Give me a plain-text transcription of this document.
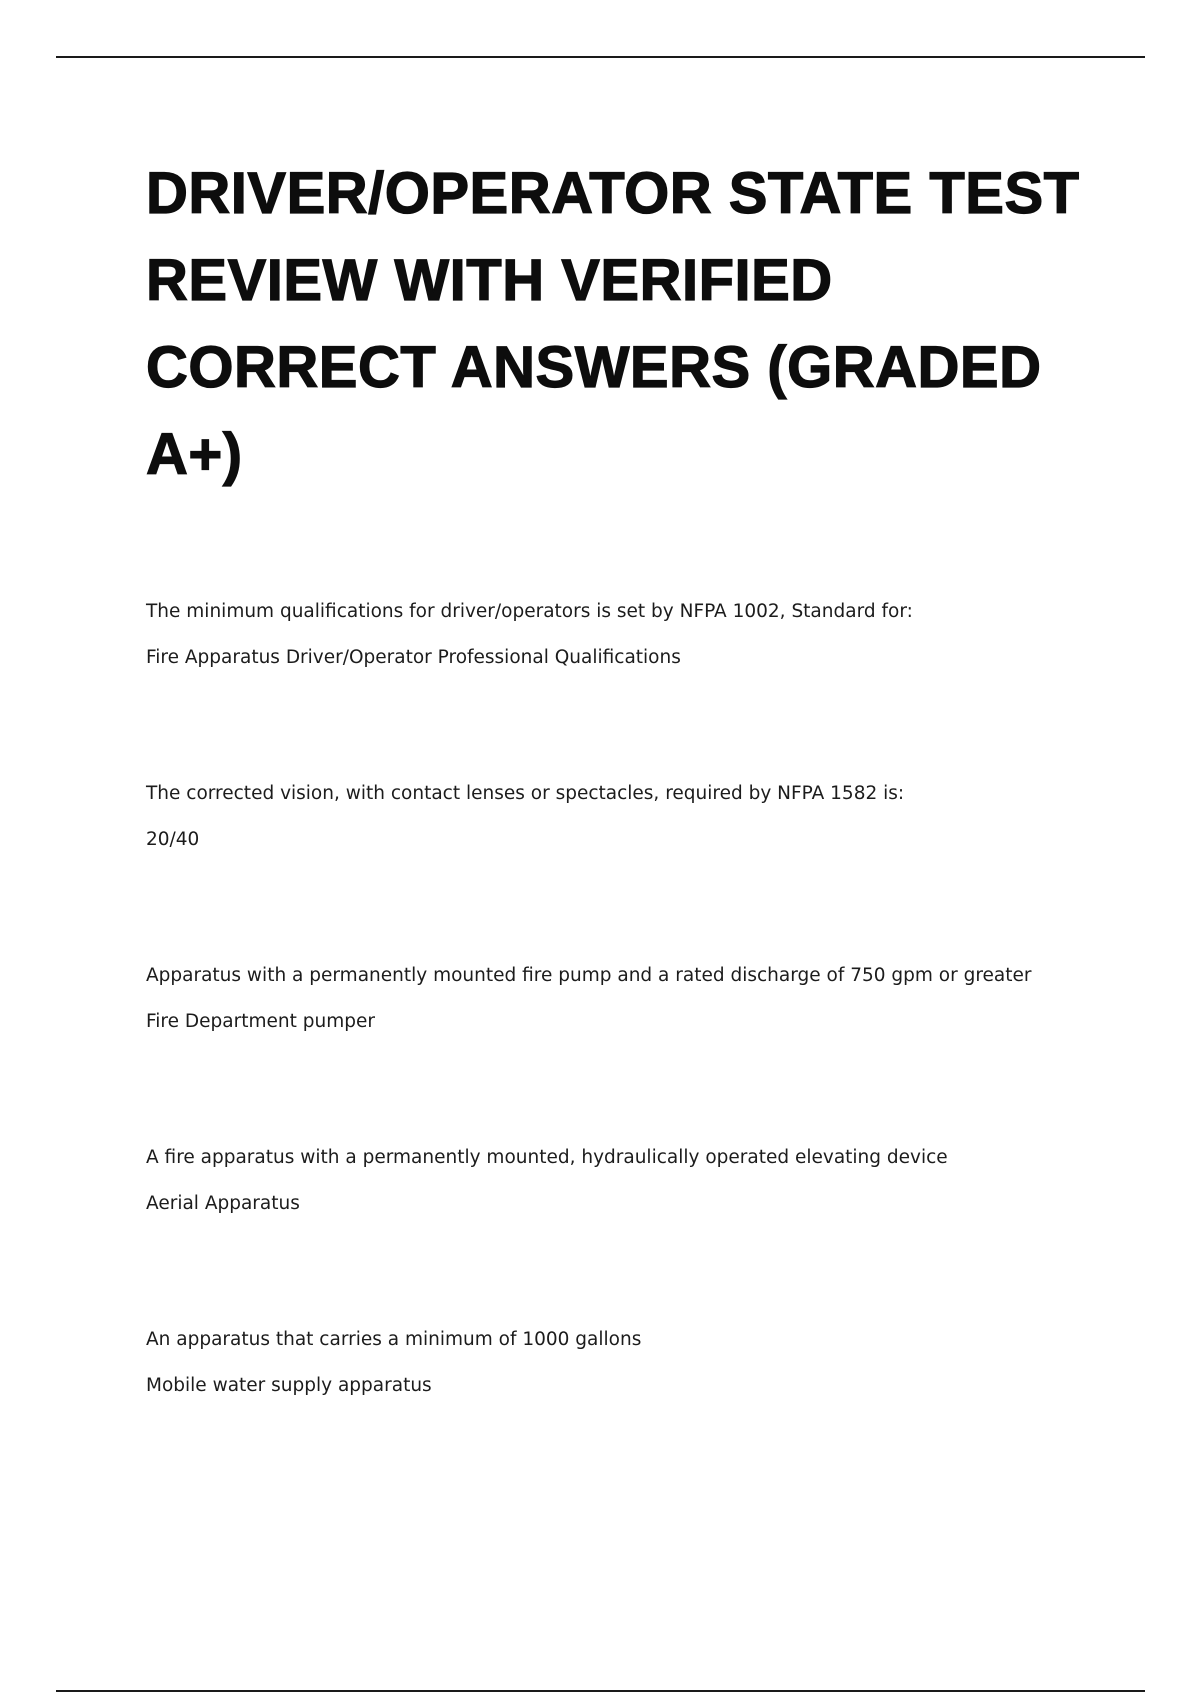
DRIVER/OPERATOR STATE TEST REVIEW WITH VERIFIED CORRECT ANSWERS (GRADED A+)
The minimum qualifications for driver/operators is set by NFPA 1002, Standard for:
Fire Apparatus Driver/Operator Professional Qualifications
The corrected vision, with contact lenses or spectacles, required by NFPA 1582 is:
20/40
Apparatus with a permanently mounted fire pump and a rated discharge of 750 gpm or greater
Fire Department pumper
A fire apparatus with a permanently mounted, hydraulically operated elevating device
Aerial Apparatus
An apparatus that carries a minimum of 1000 gallons
Mobile water supply apparatus
